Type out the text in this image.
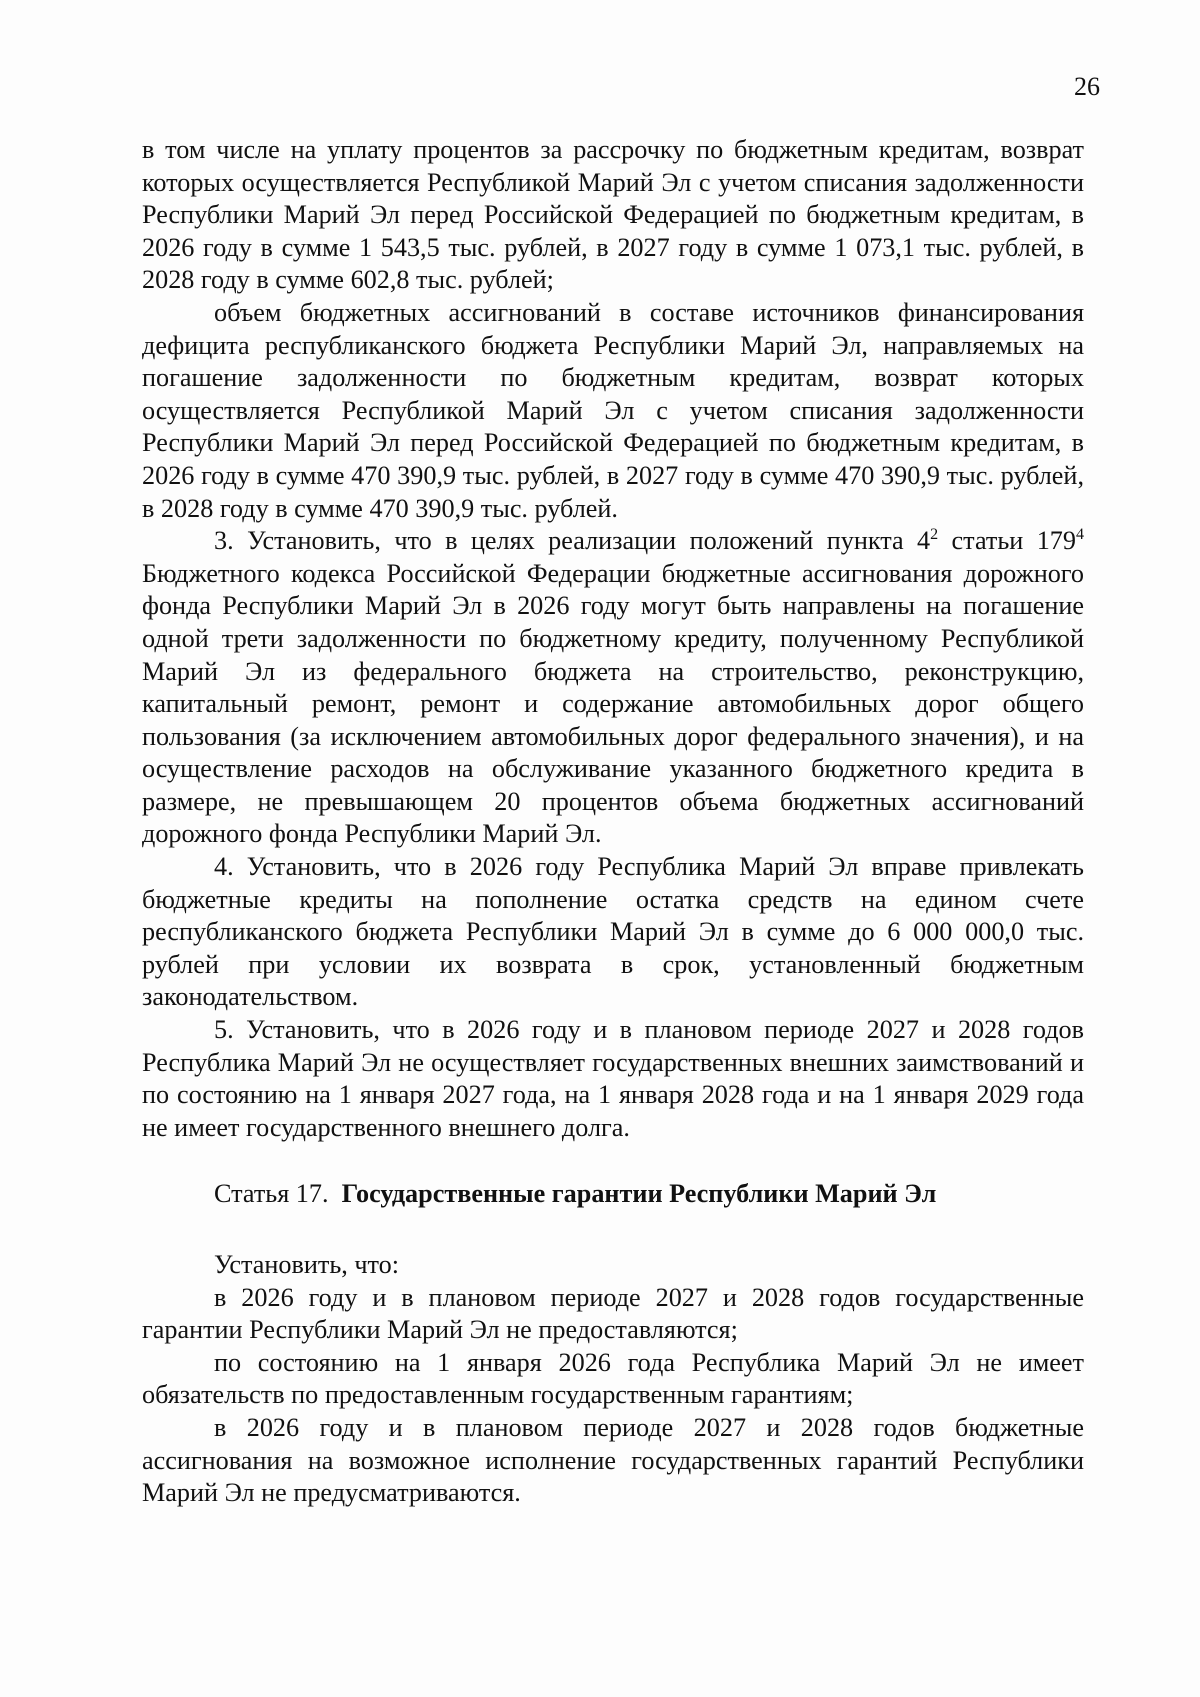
26

в том числе на уплату процентов за рассрочку по бюджетным кредитам, возврат которых осуществляется Республикой Марий Эл с учетом списания задолженности Республики Марий Эл перед Российской Федерацией по бюджетным кредитам, в 2026 году в сумме 1 543,5 тыс. рублей, в 2027 году в сумме 1 073,1 тыс. рублей, в 2028 году в сумме 602,8 тыс. рублей;

объем бюджетных ассигнований в составе источников финансирования дефицита республиканского бюджета Республики Марий Эл, направляемых на погашение задолженности по бюджетным кредитам, возврат которых осуществляется Республикой Марий Эл с учетом списания задолженности Республики Марий Эл перед Российской Федерацией по бюджетным кредитам, в 2026 году в сумме 470 390,9 тыс. рублей, в 2027 году в сумме 470 390,9 тыс. рублей, в 2028 году в сумме 470 390,9 тыс. рублей.

3. Установить, что в целях реализации положений пункта $4^2$ статьи $179^4$ Бюджетного кодекса Российской Федерации бюджетные ассигнования дорожного фонда Республики Марий Эл в 2026 году могут быть направлены на погашение одной трети задолженности по бюджетному кредиту, полученному Республикой Марий Эл из федерального бюджета на строительство, реконструкцию, капитальный ремонт, ремонт и содержание автомобильных дорог общего пользования (за исключением автомобильных дорог федерального значения), и на осуществление расходов на обслуживание указанного бюджетного кредита в размере, не превышающем 20 процентов объема бюджетных ассигнований дорожного фонда Республики Марий Эл.

4. Установить, что в 2026 году Республика Марий Эл вправе привлекать бюджетные кредиты на пополнение остатка средств на едином счете республиканского бюджета Республики Марий Эл в сумме до 6 000 000,0 тыс. рублей при условии их возврата в срок, установленный бюджетным законодательством.

5. Установить, что в 2026 году и в плановом периоде 2027 и 2028 годов Республика Марий Эл не осуществляет государственных внешних заимствований и по состоянию на 1 января 2027 года, на 1 января 2028 года и на 1 января 2029 года не имеет государственного внешнего долга.

Статья 17. Государственные гарантии Республики Марий Эл

Установить, что:

в 2026 году и в плановом периоде 2027 и 2028 годов государственные гарантии Республики Марий Эл не предоставляются;

по состоянию на 1 января 2026 года Республика Марий Эл не имеет обязательств по предоставленным государственным гарантиям;

в 2026 году и в плановом периоде 2027 и 2028 годов бюджетные ассигнования на возможное исполнение государственных гарантий Республики Марий Эл не предусматриваются.
